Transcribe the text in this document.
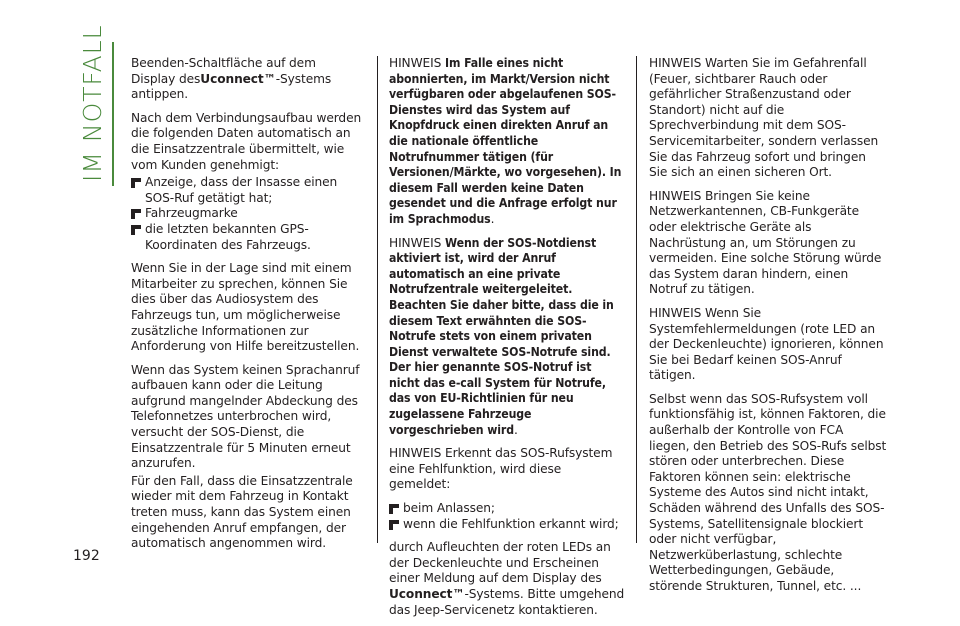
IM NOTFALL Beenden-Schaltfläche auf dem Display desUconnect™-Systems antippen.

Nach dem Verbindungsaufbau werden die folgenden Daten automatisch an die Einsatzzentrale übermittelt, wie vom Kunden genehmigt:

Anzeige, dass der Insasse einen SOS-Ruf getätigt hat;
Fahrzeugmarke
die letzten bekannten GPS-Koordinaten des Fahrzeugs.

Wenn Sie in der Lage sind mit einem Mitarbeiter zu sprechen, können Sie dies über das Audiosystem des Fahrzeugs tun, um möglicherweise zusätzliche Informationen zur Anforderung von Hilfe bereitzustellen.

Wenn das System keinen Sprachanruf aufbauen kann oder die Leitung aufgrund mangelnder Abdeckung des Telefonnetzes unterbrochen wird, versucht der SOS-Dienst, die Einsatzzentrale für 5 Minuten erneut anzurufen.

Für den Fall, dass die Einsatzzentrale wieder mit dem Fahrzeug in Kontakt treten muss, kann das System einen eingehenden Anruf empfangen, der automatisch angenommen wird.

HINWEIS Im Falle eines nicht abonnierten, im Markt/Version nicht verfügbaren oder abgelaufenen SOS-Dienstes wird das System auf Knopfdruck einen direkten Anruf an die nationale öffentliche Notrufnummer tätigen (für Versionen/Märkte, wo vorgesehen). In diesem Fall werden keine Daten gesendet und die Anfrage erfolgt nur im Sprachmodus.

HINWEIS Wenn der SOS-Notdienst aktiviert ist, wird der Anruf automatisch an eine private Notrufzentrale weitergeleitet. Beachten Sie daher bitte, dass die in diesem Text erwähnten die SOS-Notrufe stets von einem privaten Dienst verwaltete SOS-Notrufe sind. Der hier genannte SOS-Notruf ist nicht das e-call System für Notrufe, das von EU-Richtlinien für neu zugelassene Fahrzeuge vorgeschrieben wird.

HINWEIS Erkennt das SOS-Rufsystem eine Fehlfunktion, wird diese gemeldet:

beim Anlassen;
wenn die Fehlfunktion erkannt wird;

durch Aufleuchten der roten LEDs an der Deckenleuchte und Erscheinen einer Meldung auf dem Display des Uconnect™-Systems. Bitte umgehend das Jeep-Servicenetz kontaktieren.

HINWEIS Warten Sie im Gefahrenfall (Feuer, sichtbarer Rauch oder gefährlicher Straßenzustand oder Standort) nicht auf die Sprechverbindung mit dem SOS-Servicemitarbeiter, sondern verlassen Sie das Fahrzeug sofort und bringen Sie sich an einen sicheren Ort.

HINWEIS Bringen Sie keine Netzwerkantennen, CB-Funkgeräte oder elektrische Geräte als Nachrüstung an, um Störungen zu vermeiden. Eine solche Störung würde das System daran hindern, einen Notruf zu tätigen.

HINWEIS Wenn Sie Systemfehlermeldungen (rote LED an der Deckenleuchte) ignorieren, können Sie bei Bedarf keinen SOS-Anruf tätigen.

Selbst wenn das SOS-Rufsystem voll funktionsfähig ist, können Faktoren, die außerhalb der Kontrolle von FCA liegen, den Betrieb des SOS-Rufs selbst stören oder unterbrechen. Diese Faktoren können sein: elektrische Systeme des Autos sind nicht intakt, Schäden während des Unfalls des SOS-Systems, Satellitensignale blockiert oder nicht verfügbar, Netzwerküberlastung, schlechte Wetterbedingungen, Gebäude, störende Strukturen, Tunnel, etc. ...

192
